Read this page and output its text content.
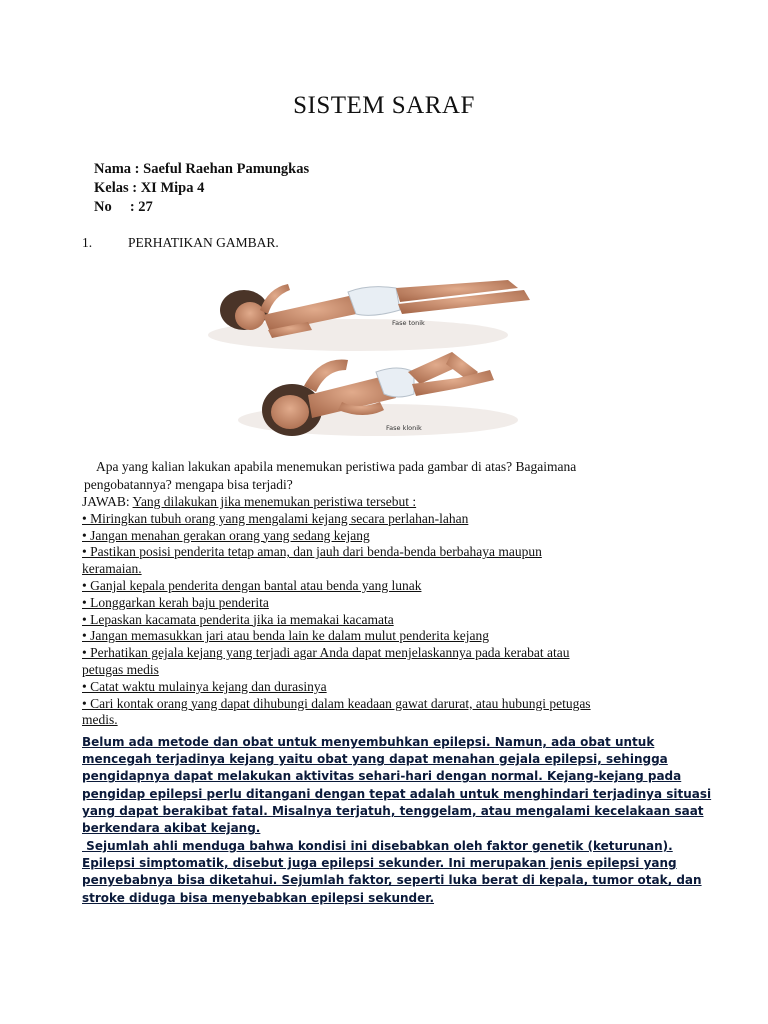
SISTEM SARAF
Nama : Saeful Raehan Pamungkas
Kelas : XI Mipa 4
No     : 27
1.	PERHATIKAN GAMBAR.
Fase tonik
Fase klonik
Apa yang kalian lakukan apabila menemukan peristiwa pada gambar di atas? Bagaimana
pengobatannya? mengapa bisa terjadi?
JAWAB: Yang dilakukan jika menemukan peristiwa tersebut :
• Miringkan tubuh orang yang mengalami kejang secara perlahan-lahan
• Jangan menahan gerakan orang yang sedang kejang
• Pastikan posisi penderita tetap aman, dan jauh dari benda-benda berbahaya maupun
keramaian.
• Ganjal kepala penderita dengan bantal atau benda yang lunak
• Longgarkan kerah baju penderita
• Lepaskan kacamata penderita jika ia memakai kacamata
• Jangan memasukkan jari atau benda lain ke dalam mulut penderita kejang
• Perhatikan gejala kejang yang terjadi agar Anda dapat menjelaskannya pada kerabat atau
petugas medis
• Catat waktu mulainya kejang dan durasinya
• Cari kontak orang yang dapat dihubungi dalam keadaan gawat darurat, atau hubungi petugas
medis.
Belum ada metode dan obat untuk menyembuhkan epilepsi. Namun, ada obat untuk
mencegah terjadinya kejang yaitu obat yang dapat menahan gejala epilepsi, sehingga
pengidapnya dapat melakukan aktivitas sehari-hari dengan normal. Kejang-kejang pada
pengidap epilepsi perlu ditangani dengan tepat adalah untuk menghindari terjadinya situasi
yang dapat berakibat fatal. Misalnya terjatuh, tenggelam, atau mengalami kecelakaan saat
berkendara akibat kejang.
Sejumlah ahli menduga bahwa kondisi ini disebabkan oleh faktor genetik (keturunan).
Epilepsi simptomatik, disebut juga epilepsi sekunder. Ini merupakan jenis epilepsi yang
penyebabnya bisa diketahui. Sejumlah faktor, seperti luka berat di kepala, tumor otak, dan
stroke diduga bisa menyebabkan epilepsi sekunder.
